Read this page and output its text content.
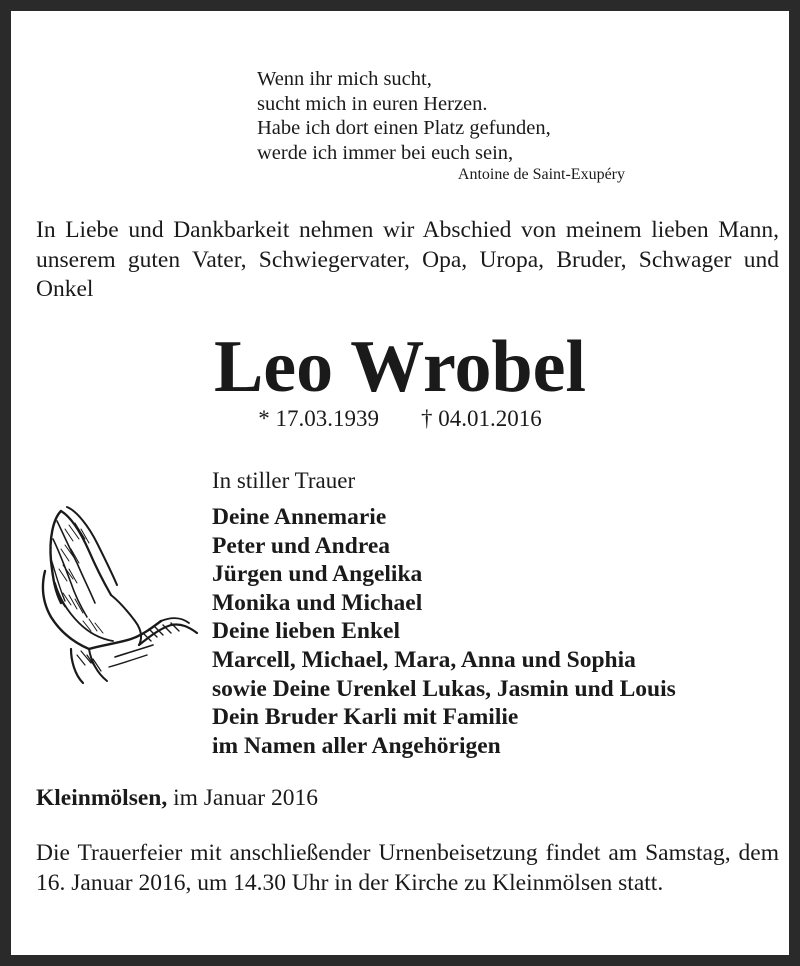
Wenn ihr mich sucht,
sucht mich in euren Herzen.
Habe ich dort einen Platz gefunden,
werde ich immer bei euch sein,
Antoine de Saint-Exupéry
In Liebe und Dankbarkeit nehmen wir Abschied von meinem lieben Mann, unserem guten Vater, Schwiegervater, Opa, Uropa, Bruder, Schwager und Onkel
Leo Wrobel
* 17.03.1939 † 04.01.2016
In stiller Trauer
Deine Annemarie
Peter und Andrea
Jürgen und Angelika
Monika und Michael
Deine lieben Enkel
Marcell, Michael, Mara, Anna und Sophia
sowie Deine Urenkel Lukas, Jasmin und Louis
Dein Bruder Karli mit Familie
im Namen aller Angehörigen
Kleinmölsen, im Januar 2016
Die Trauerfeier mit anschließender Urnenbeisetzung findet am Samstag, dem 16. Januar 2016, um 14.30 Uhr in der Kirche zu Kleinmölsen statt.
